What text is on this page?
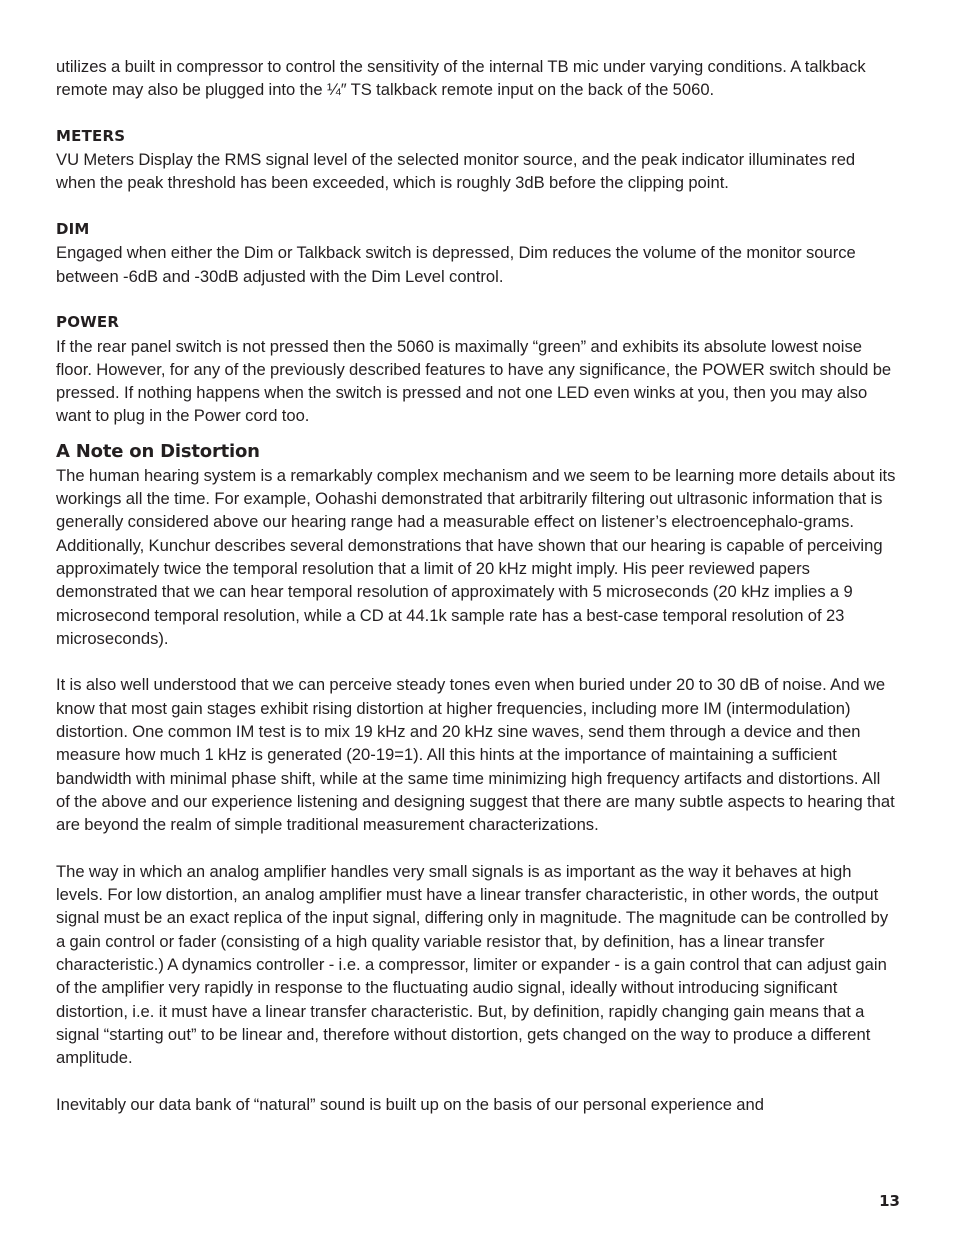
utilizes a built in compressor to control the sensitivity of the internal TB mic under varying conditions. A talkback remote may also be plugged into the ¼″ TS talkback remote input on the back of the 5060.

METERS

VU Meters Display the RMS signal level of the selected monitor source, and the peak indicator illuminates red when the peak threshold has been exceeded, which is roughly 3dB before the clipping point.

DIM

Engaged when either the Dim or Talkback switch is depressed, Dim reduces the volume of the monitor source between -6dB and -30dB adjusted with the Dim Level control.

POWER

If the rear panel switch is not pressed then the 5060 is maximally “green” and exhibits its absolute lowest noise floor. However, for any of the previously described features to have any significance, the POWER switch should be pressed. If nothing happens when the switch is pressed and not one LED even winks at you, then you may also want to plug in the Power cord too.

A Note on Distortion

The human hearing system is a remarkably complex mechanism and we seem to be learning more details about its workings all the time. For example, Oohashi demonstrated that arbitrarily filtering out ultrasonic information that is generally considered above our hearing range had a measurable effect on listener’s electroencephalo-grams. Additionally, Kunchur describes several demonstrations that have shown that our hearing is capable of perceiving approximately twice the temporal resolution that a limit of 20 kHz might imply. His peer reviewed papers demonstrated that we can hear temporal resolution of approximately with 5 microseconds (20 kHz implies a 9 microsecond temporal resolution, while a CD at 44.1k sample rate has a best-case temporal resolution of 23 microseconds).

It is also well understood that we can perceive steady tones even when buried under 20 to 30 dB of noise. And we know that most gain stages exhibit rising distortion at higher frequencies, including more IM (intermodulation) distortion. One common IM test is to mix 19 kHz and 20 kHz sine waves, send them through a device and then measure how much 1 kHz is generated (20-19=1). All this hints at the importance of maintaining a sufficient bandwidth with minimal phase shift, while at the same time minimizing high frequency artifacts and distortions. All of the above and our experience listening and designing suggest that there are many subtle aspects to hearing that are beyond the realm of simple traditional measurement characterizations.

The way in which an analog amplifier handles very small signals is as important as the way it behaves at high levels. For low distortion, an analog amplifier must have a linear transfer characteristic, in other words, the output signal must be an exact replica of the input signal, differing only in magnitude. The magnitude can be controlled by a gain control or fader (consisting of a high quality variable resistor that, by definition, has a linear transfer characteristic.) A dynamics controller - i.e. a compressor, limiter or expander - is a gain control that can adjust gain of the amplifier very rapidly in response to the fluctuating audio signal, ideally without introducing significant distortion, i.e. it must have a linear transfer characteristic. But, by definition, rapidly changing gain means that a signal “starting out” to be linear and, therefore without distortion, gets changed on the way to produce a different amplitude.

Inevitably our data bank of “natural” sound is built up on the basis of our personal experience and

13
